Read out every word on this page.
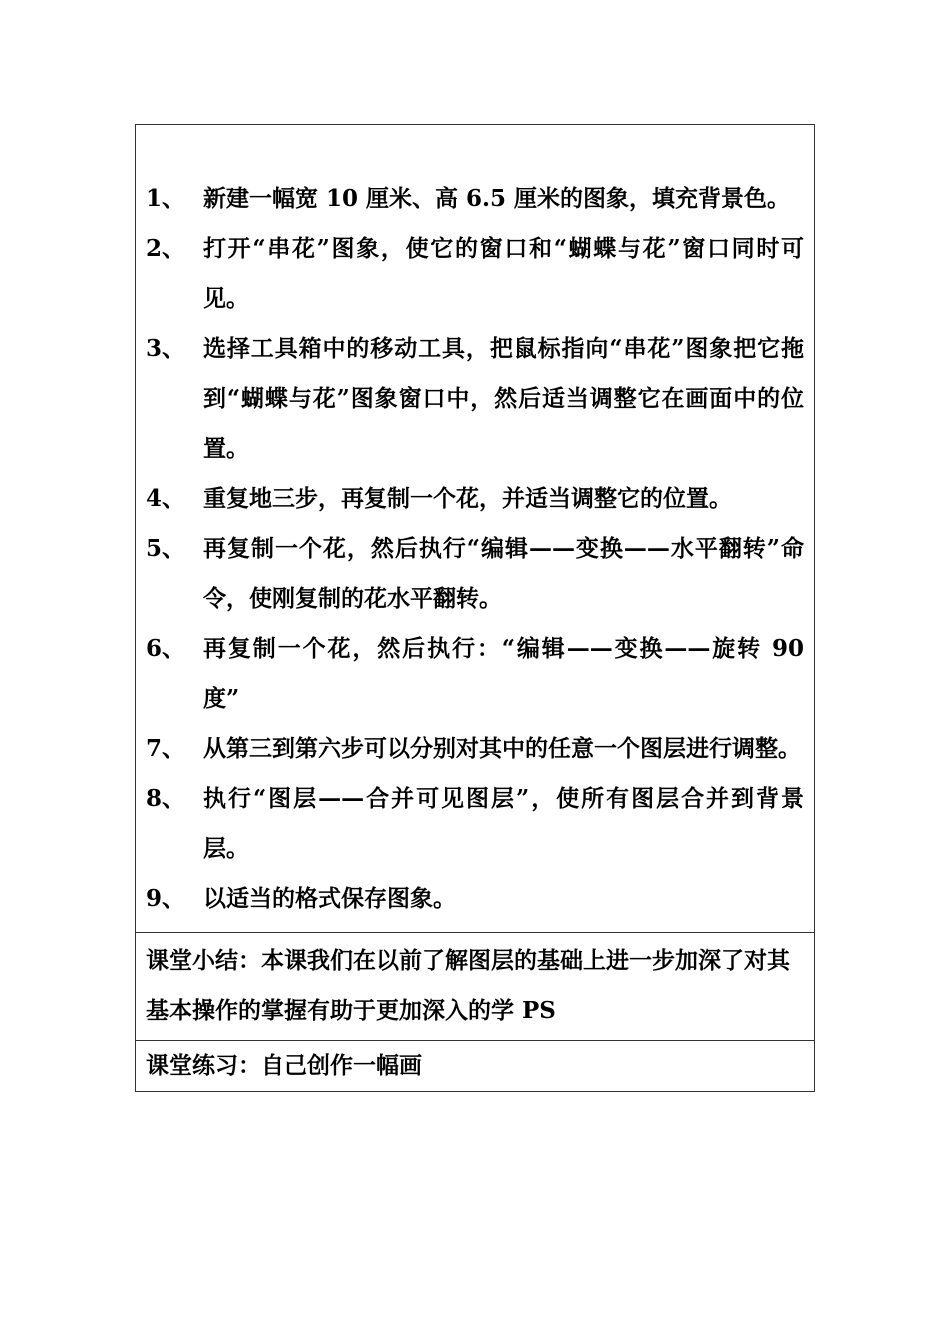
1、 新建一幅宽 10 厘米、高 6.5 厘米的图象，填充背景色。
2、 打开“串花”图象，使它的窗口和“蝴蝶与花”窗口同时可见。
3、 选择工具箱中的移动工具，把鼠标指向“串花”图象把它拖到“蝴蝶与花”图象窗口中，然后适当调整它在画面中的位置。
4、 重复地三步，再复制一个花，并适当调整它的位置。
5、 再复制一个花，然后执行“编辑——变换——水平翻转”命令，使刚复制的花水平翻转。
6、 再复制一个花，然后执行：“编辑——变换——旋转 90 度”
7、 从第三到第六步可以分别对其中的任意一个图层进行调整。
8、 执行“图层——合并可见图层”，使所有图层合并到背景层。
9、 以适当的格式保存图象。
课堂小结：本课我们在以前了解图层的基础上进一步加深了对其基本操作的掌握有助于更加深入的学 PS
课堂练习：自己创作一幅画
